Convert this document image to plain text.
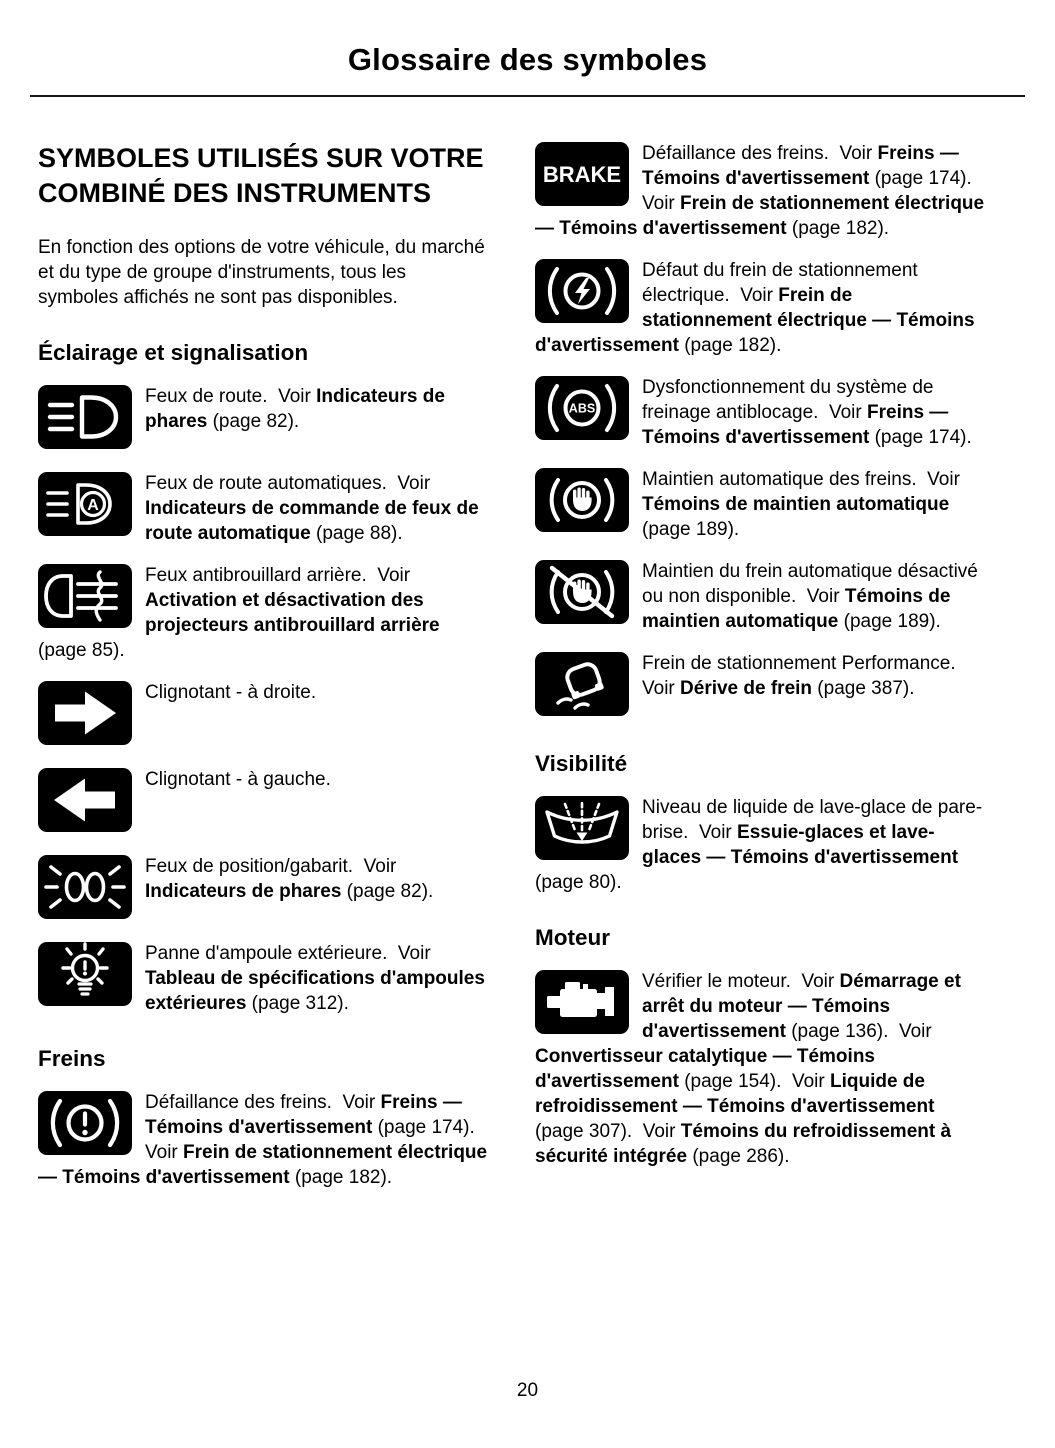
Glossaire des symboles
SYMBOLES UTILISÉS SUR VOTRE COMBINÉ DES INSTRUMENTS

En fonction des options de votre véhicule, du marché et du type de groupe d'instruments, tous les symboles affichés ne sont pas disponibles.

Éclairage et signalisation

Feux de route.  Voir Indicateurs de phares (page 82).

A

Feux de route automatiques.  Voir Indicateurs de commande de feux de route automatique (page 88).

Feux antibrouillard arrière.  Voir Activation et désactivation des projecteurs antibrouillard arrière (page 85).

Clignotant - à droite.

Clignotant - à gauche.

Feux de position/gabarit.  Voir Indicateurs de phares (page 82).

Panne d'ampoule extérieure.  Voir Tableau de spécifications d'ampoules extérieures (page 312).

Freins

Défaillance des freins.  Voir Freins — Témoins d'avertissement (page 174).  Voir Frein de stationnement électrique — Témoins d'avertissement (page 182).

BRAKE

Défaillance des freins.  Voir Freins — Témoins d'avertissement (page 174).  Voir Frein de stationnement électrique — Témoins d'avertissement (page 182).

Défaut du frein de stationnement électrique.  Voir Frein de stationnement électrique — Témoins d'avertissement (page 182).

ABS

Dysfonctionnement du système de freinage antiblocage.  Voir Freins — Témoins d'avertissement (page 174).

Maintien automatique des freins.  Voir Témoins de maintien automatique (page 189).

Maintien du frein automatique désactivé ou non disponible.  Voir Témoins de maintien automatique (page 189).

Frein de stationnement Performance.  Voir Dérive de frein (page 387).

Visibilité

Niveau de liquide de lave-glace de pare-brise.  Voir Essuie-glaces et lave-glaces — Témoins d'avertissement (page 80).

Moteur

Vérifier le moteur.  Voir Démarrage et arrêt du moteur — Témoins d'avertissement (page 136).  Voir Convertisseur catalytique — Témoins d'avertissement (page 154).  Voir Liquide de refroidissement — Témoins d'avertissement (page 307).  Voir Témoins du refroidissement à sécurité intégrée (page 286).

20
